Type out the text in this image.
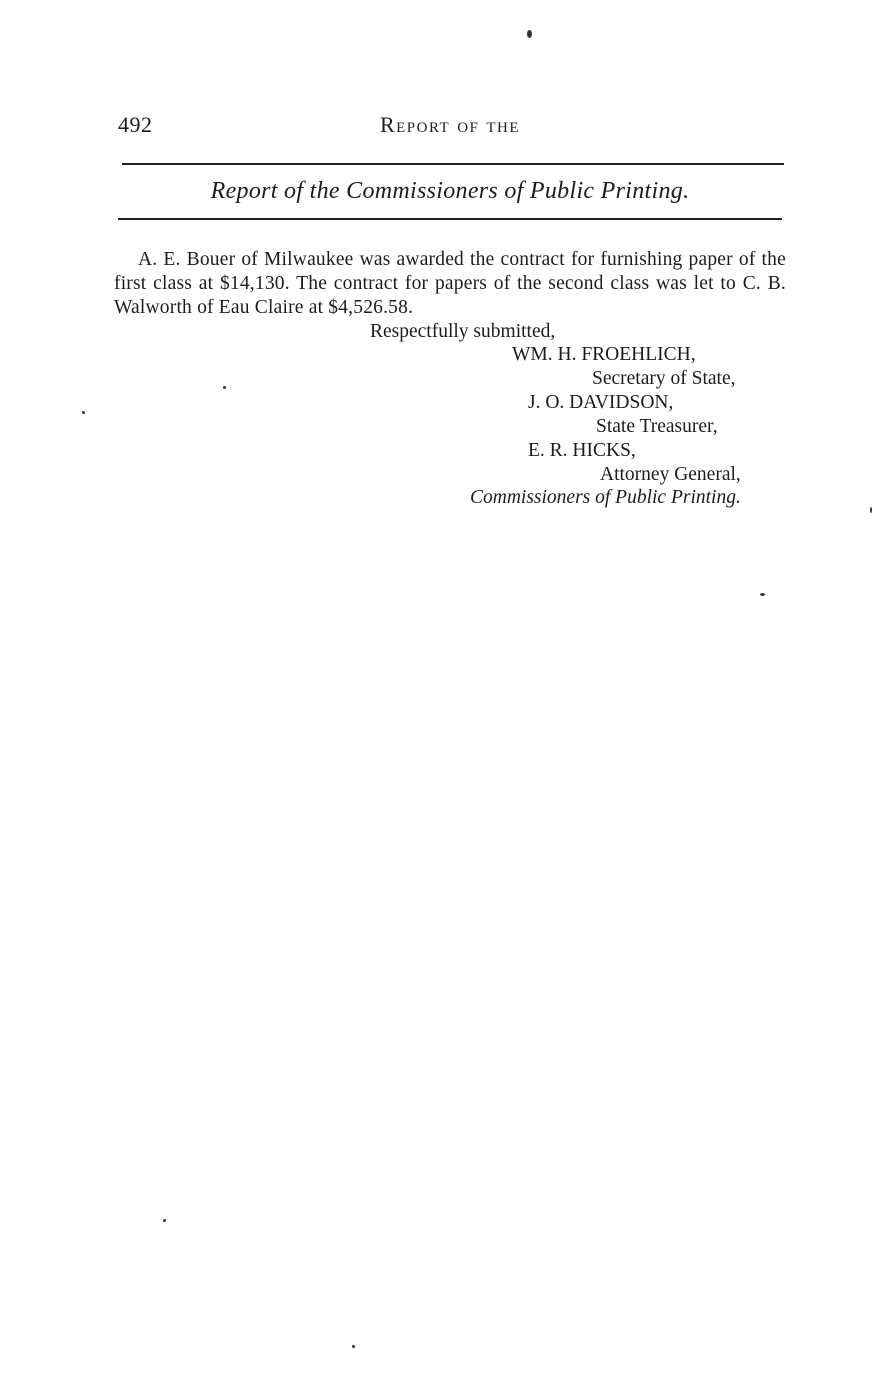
492	Report of the
Report of the Commissioners of Public Printing.

A. E. Bouer of Milwaukee was awarded the contract for furnishing paper of the first class at $14,130. The contract for papers of the second class was let to C. B. Walworth of Eau Claire at $4,526.58.

Respectfully submitted,
WM. H. FROEHLICH,
Secretary of State,
J. O. DAVIDSON,
State Treasurer,
E. R. HICKS,
Attorney General,
Commissioners of Public Printing.
